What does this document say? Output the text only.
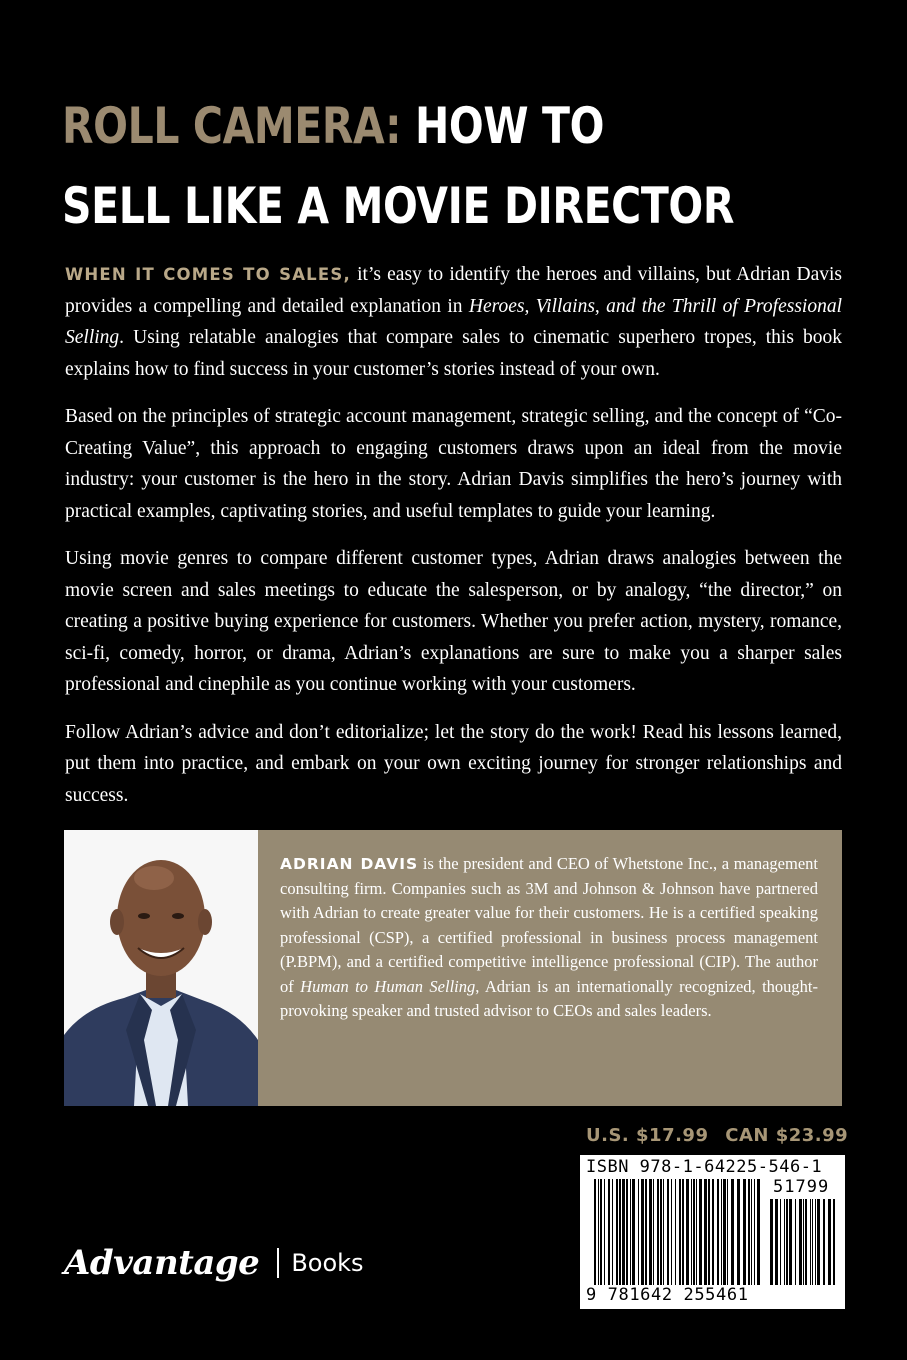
ROLL CAMERA: HOW TO
SELL LIKE A MOVIE DIRECTOR

WHEN IT COMES TO SALES, it’s easy to identify the heroes and villains, but Adrian Davis provides a compelling and detailed explanation in Heroes, Villains, and the Thrill of Professional Selling. Using relatable analogies that compare sales to cinematic superhero tropes, this book explains how to find success in your customer’s stories instead of your own.

Based on the principles of strategic account management, strategic selling, and the concept of “Co-Creating Value”, this approach to engaging customers draws upon an ideal from the movie industry: your customer is the hero in the story. Adrian Davis simplifies the hero’s journey with practical examples, captivating stories, and useful templates to guide your learning.

Using movie genres to compare different customer types, Adrian draws analogies between the movie screen and sales meetings to educate the salesperson, or by analogy, “the director,” on creating a positive buying experience for customers. Whether you prefer action, mystery, romance, sci-fi, comedy, horror, or drama, Adrian’s explanations are sure to make you a sharper sales professional and cinephile as you continue working with your customers.

Follow Adrian’s advice and don’t editorialize; let the story do the work! Read his lessons learned, put them into practice, and embark on your own exciting journey for stronger relationships and success.

ADRIAN DAVIS is the president and CEO of Whetstone Inc., a management consulting firm. Companies such as 3M and Johnson & Johnson have partnered with Adrian to create greater value for their customers. He is a certified speaking professional (CSP), a certified professional in business process management (P.BPM), and a certified competitive intelligence professional (CIP). The author of Human to Human Selling, Adrian is an internationally recognized, thought-provoking speaker and trusted advisor to CEOs and sales leaders.
U.S. $17.99 CAN $23.99
ISBN 978-1-64225-546-1
51799
9 781642 255461
Advantage Books
